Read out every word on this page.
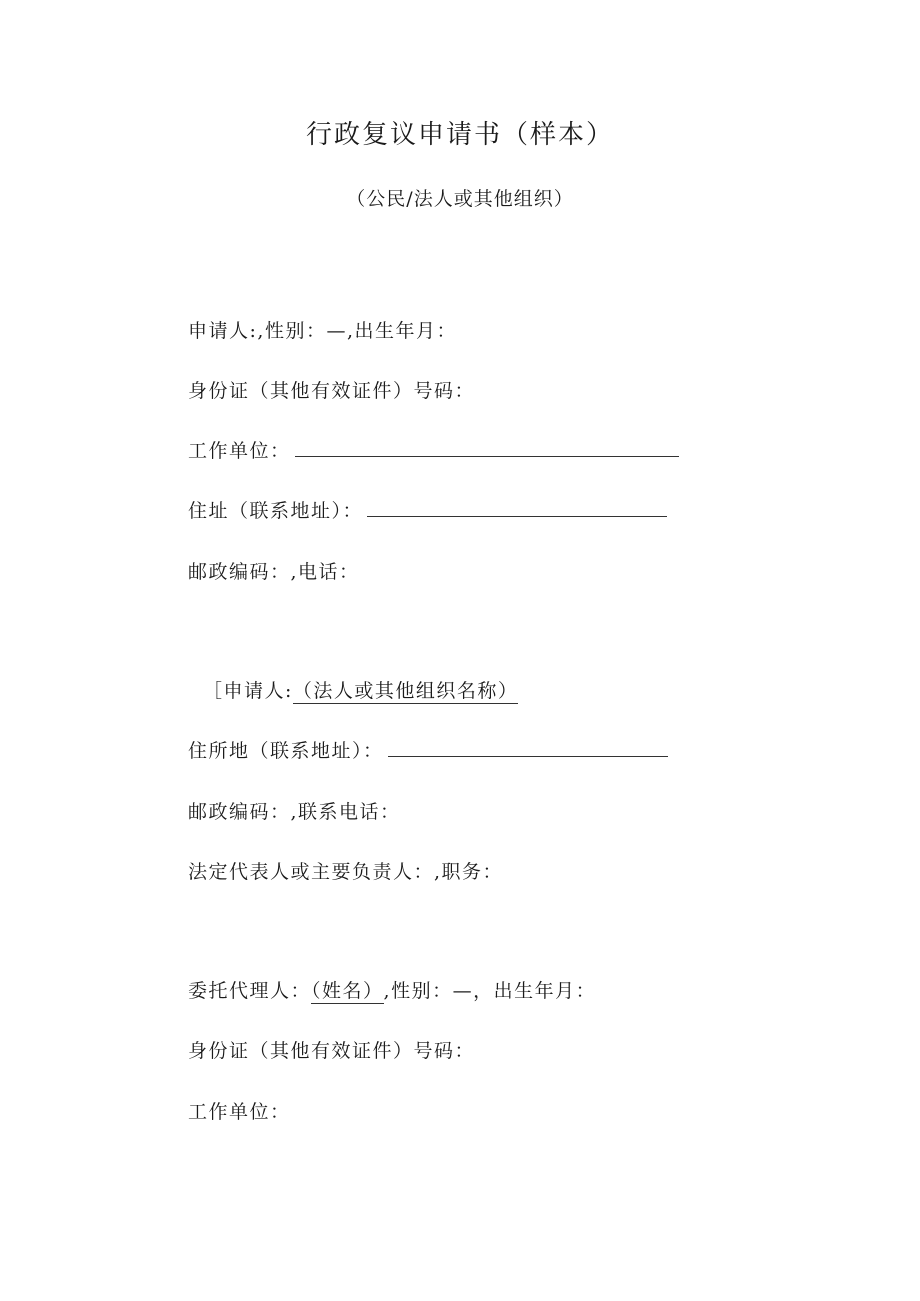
行政复议申请书（样本）

（公民/法人或其他组织）

申请人:,性别：—,出生年月：
身份证（其他有效证件）号码：
工作单位：
住址（联系地址）：
邮政编码：,电话：
［申请人:（法人或其他组织名称）
住所地（联系地址）：
邮政编码：,联系电话：
法定代表人或主要负责人：,职务：
委托代理人：（姓名）,性别：—，出生年月：
身份证（其他有效证件）号码：
工作单位：
